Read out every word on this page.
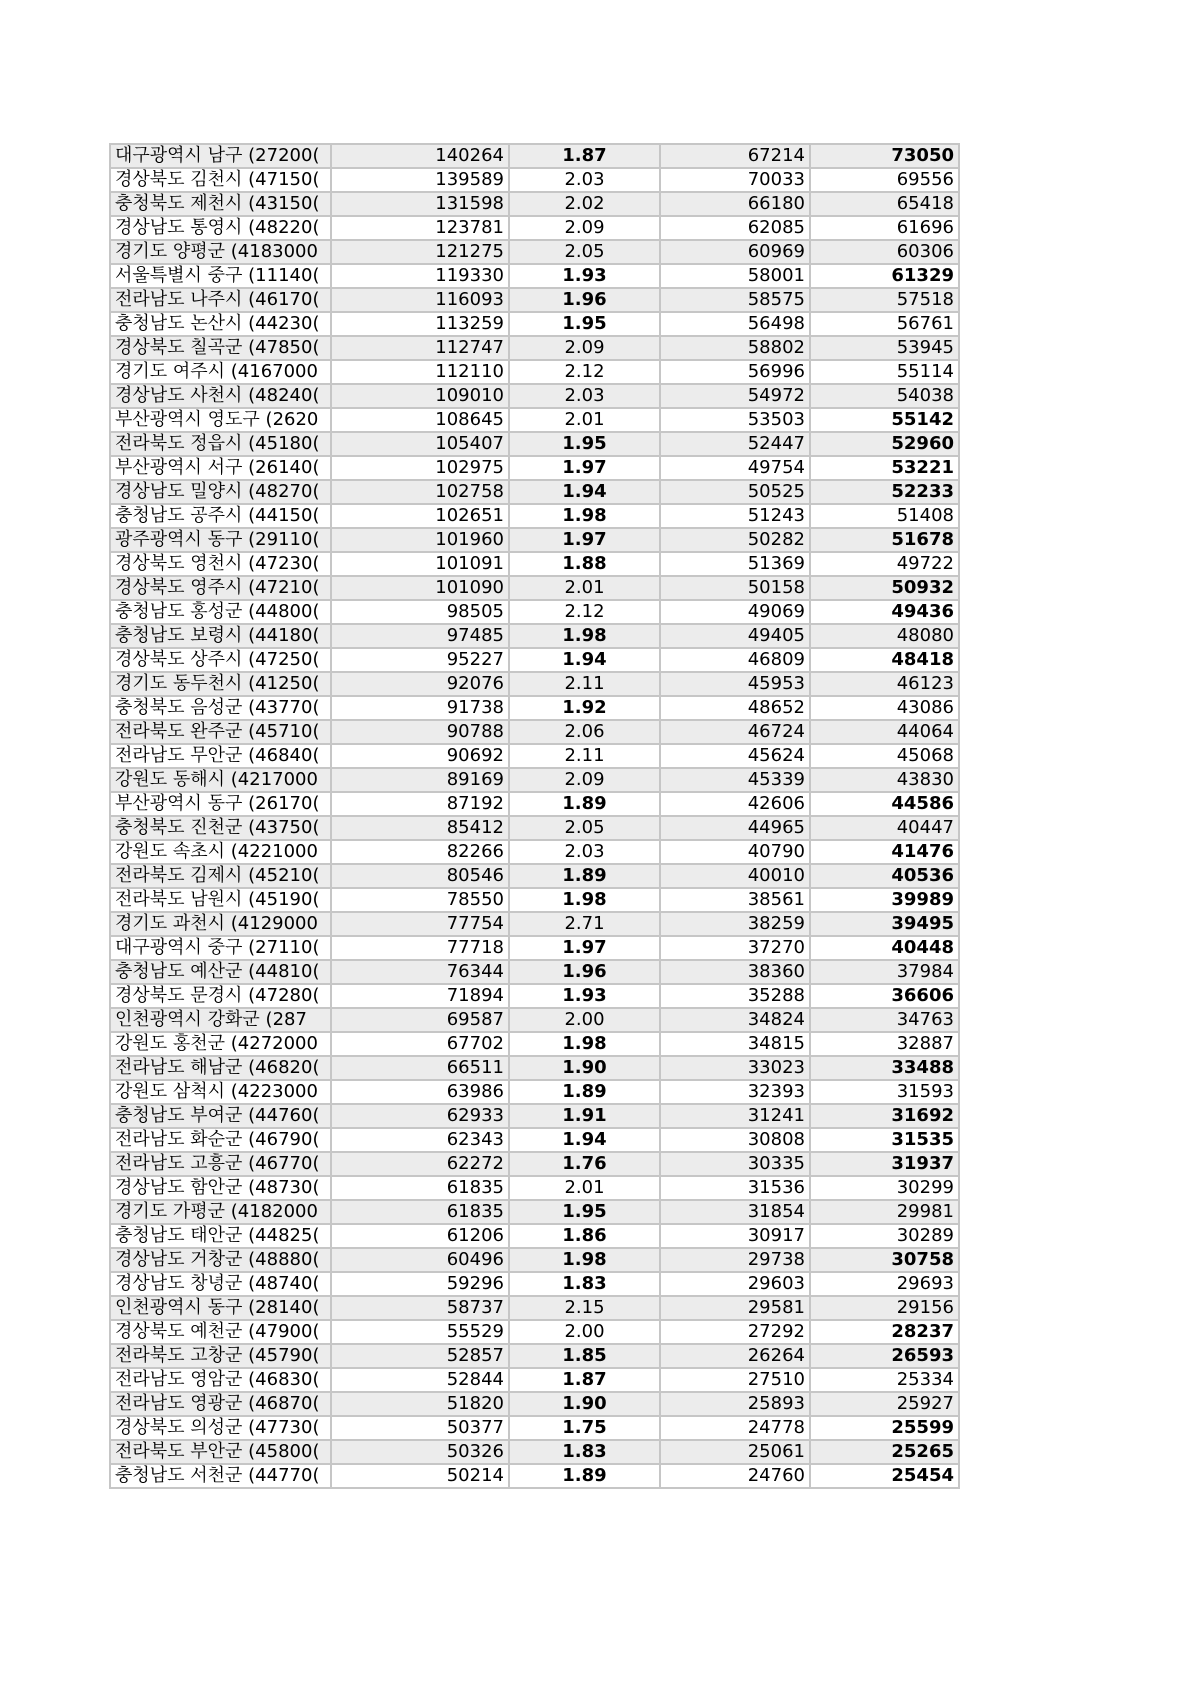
대구광역시 남구 (27200(	140264	1.87	67214	73050
경상북도 김천시 (47150(	139589	2.03	70033	69556
충청북도 제천시 (43150(	131598	2.02	66180	65418
경상남도 통영시 (48220(	123781	2.09	62085	61696
경기도 양평군 (4183000	121275	2.05	60969	60306
서울특별시 중구 (11140(	119330	1.93	58001	61329
전라남도 나주시 (46170(	116093	1.96	58575	57518
충청남도 논산시 (44230(	113259	1.95	56498	56761
경상북도 칠곡군 (47850(	112747	2.09	58802	53945
경기도 여주시 (4167000	112110	2.12	56996	55114
경상남도 사천시 (48240(	109010	2.03	54972	54038
부산광역시 영도구 (2620	108645	2.01	53503	55142
전라북도 정읍시 (45180(	105407	1.95	52447	52960
부산광역시 서구 (26140(	102975	1.97	49754	53221
경상남도 밀양시 (48270(	102758	1.94	50525	52233
충청남도 공주시 (44150(	102651	1.98	51243	51408
광주광역시 동구 (29110(	101960	1.97	50282	51678
경상북도 영천시 (47230(	101091	1.88	51369	49722
경상북도 영주시 (47210(	101090	2.01	50158	50932
충청남도 홍성군 (44800(	98505	2.12	49069	49436
충청남도 보령시 (44180(	97485	1.98	49405	48080
경상북도 상주시 (47250(	95227	1.94	46809	48418
경기도 동두천시 (41250(	92076	2.11	45953	46123
충청북도 음성군 (43770(	91738	1.92	48652	43086
전라북도 완주군 (45710(	90788	2.06	46724	44064
전라남도 무안군 (46840(	90692	2.11	45624	45068
강원도 동해시 (4217000	89169	2.09	45339	43830
부산광역시 동구 (26170(	87192	1.89	42606	44586
충청북도 진천군 (43750(	85412	2.05	44965	40447
강원도 속초시 (4221000	82266	2.03	40790	41476
전라북도 김제시 (45210(	80546	1.89	40010	40536
전라북도 남원시 (45190(	78550	1.98	38561	39989
경기도 과천시 (4129000	77754	2.71	38259	39495
대구광역시 중구 (27110(	77718	1.97	37270	40448
충청남도 예산군 (44810(	76344	1.96	38360	37984
경상북도 문경시 (47280(	71894	1.93	35288	36606
인천광역시 강화군 (287	69587	2.00	34824	34763
강원도 홍천군 (4272000	67702	1.98	34815	32887
전라남도 해남군 (46820(	66511	1.90	33023	33488
강원도 삼척시 (4223000	63986	1.89	32393	31593
충청남도 부여군 (44760(	62933	1.91	31241	31692
전라남도 화순군 (46790(	62343	1.94	30808	31535
전라남도 고흥군 (46770(	62272	1.76	30335	31937
경상남도 함안군 (48730(	61835	2.01	31536	30299
경기도 가평군 (4182000	61835	1.95	31854	29981
충청남도 태안군 (44825(	61206	1.86	30917	30289
경상남도 거창군 (48880(	60496	1.98	29738	30758
경상남도 창녕군 (48740(	59296	1.83	29603	29693
인천광역시 동구 (28140(	58737	2.15	29581	29156
경상북도 예천군 (47900(	55529	2.00	27292	28237
전라북도 고창군 (45790(	52857	1.85	26264	26593
전라남도 영암군 (46830(	52844	1.87	27510	25334
전라남도 영광군 (46870(	51820	1.90	25893	25927
경상북도 의성군 (47730(	50377	1.75	24778	25599
전라북도 부안군 (45800(	50326	1.83	25061	25265
충청남도 서천군 (44770(	50214	1.89	24760	25454
